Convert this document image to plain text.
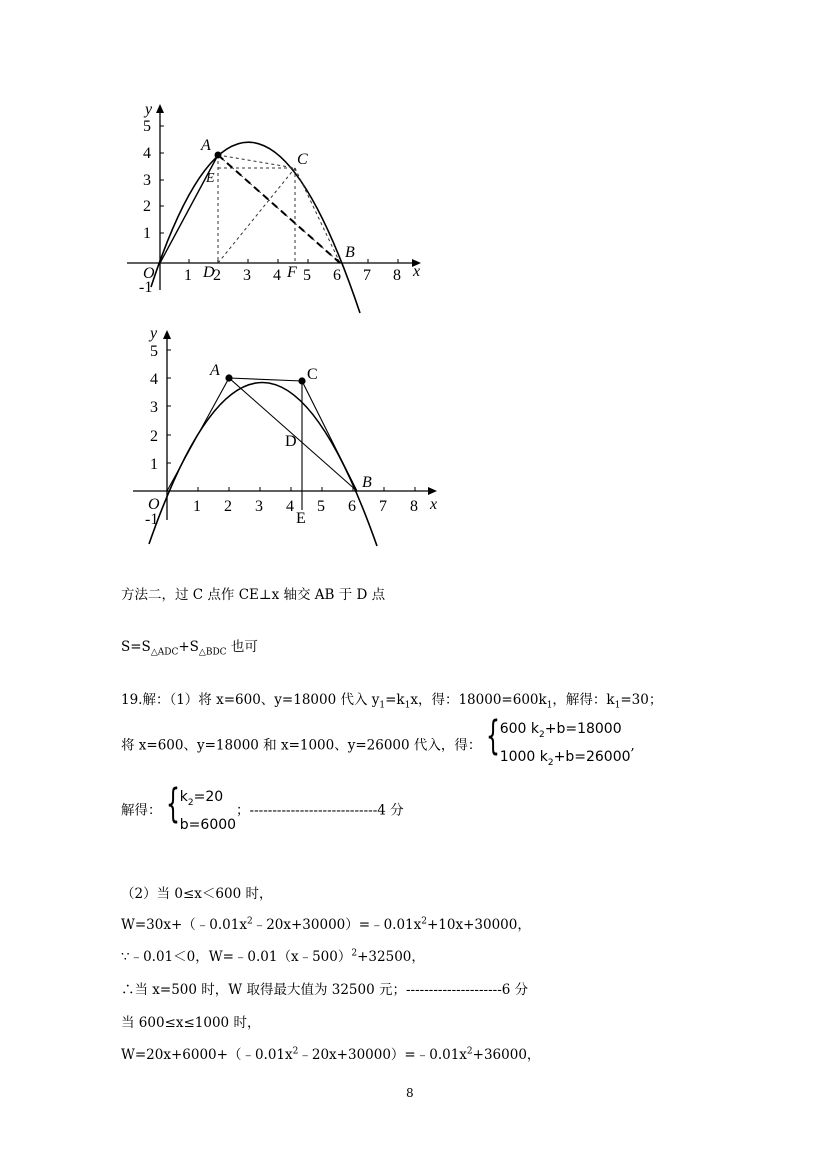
1 2 3 4 5 6 7 8
1
2
3
4
5
-1
x
y
O
A
C
E
D	F
B
1 2 3 4 5 6 7 8
1
2
3
4
5
-1
x
y
O
A
B
C
D
E
方法二，过 C 点作 CE⊥x 轴交 AB 于 D 点
$S=S_{\triangle ADC}+S_{\triangle BDC}$ 也可
19.解：（1）将 x=600、y=18000 代入 $y_1=k_1x$，得：$18000=600k_1$，解得：$k_1=30$；
将 x=600、y=18000 和 x=1000、y=26000 代入，得： { 600 $k_2+b=18000$
1000 $k_2+b=26000$
,
解得： { $k_2=20$
b=6000
；----------------------------4 分
（2）当 0≤x＜600 时，
$W=30x+(﹣0.01x^2﹣20x+30000)=﹣0.01x^2+10x+30000$，
∵﹣0.01＜0，W=﹣0.01（x﹣500）$^2$+32500，
∴当 x=500 时，W 取得最大值为 32500 元；---------------------6 分
当 600≤x≤1000 时，
$W=20x+6000+(﹣0.01x^2﹣20x+30000)=﹣0.01x^2+36000$，
8
